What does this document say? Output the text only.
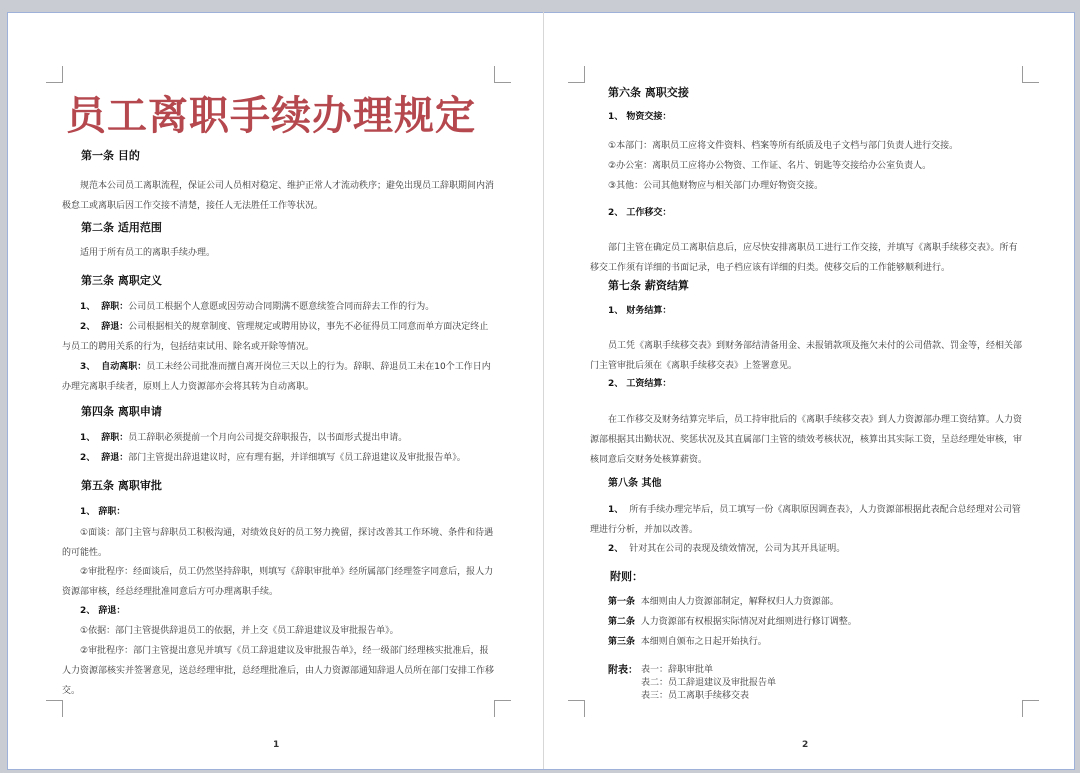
员工离职手续办理规定
第一条 目的
规范本公司员工离职流程，保证公司人员相对稳定、维护正常人才流动秩序；避免出现员工辞职期间内消极怠工或离职后因工作交接不清楚，接任人无法胜任工作等状况。
第二条 适用范围
适用于所有员工的离职手续办理。
第三条 离职定义
1、 辞职：公司员工根据个人意愿或因劳动合同期满不愿意续签合同而辞去工作的行为。
2、 辞退：公司根据相关的规章制度、管理规定或聘用协议，事先不必征得员工同意而单方面决定终止与员工的聘用关系的行为，包括结束试用、除名或开除等情况。
3、 自动离职：员工未经公司批准而擅自离开岗位三天以上的行为。辞职、辞退员工未在10个工作日内办理完离职手续者，原则上人力资源部亦会将其转为自动离职。
第四条 离职申请
1、 辞职：员工辞职必须提前一个月向公司提交辞职报告，以书面形式提出申请。
2、 辞退：部门主管提出辞退建议时，应有理有据，并详细填写《员工辞退建议及审批报告单》。
第五条 离职审批
1、 辞职：
①面谈：部门主管与辞职员工积极沟通，对绩效良好的员工努力挽留，探讨改善其工作环境、条件和待遇的可能性。
②审批程序：经面谈后，员工仍然坚持辞职，则填写《辞职审批单》经所属部门经理签字同意后，报人力资源部审核，经总经理批准同意后方可办理离职手续。
2、 辞退：
①依据：部门主管提供辞退员工的依据，并上交《员工辞退建议及审批报告单》。
②审批程序：部门主管提出意见并填写《员工辞退建议及审批报告单》，经一级部门经理核实批准后，报人力资源部核实并签署意见，送总经理审批，总经理批准后，由人力资源部通知辞退人员所在部门安排工作移交。
1
第六条 离职交接
1、 物资交接：
①本部门：离职员工应将文件资料、档案等所有纸质及电子文档与部门负责人进行交接。
②办公室：离职员工应将办公物资、工作证、名片、钥匙等交接给办公室负责人。
③其他：公司其他财物应与相关部门办理好物资交接。
2、 工作移交：
部门主管在确定员工离职信息后，应尽快安排离职员工进行工作交接，并填写《离职手续移交表》。所有移交工作须有详细的书面记录，电子档应该有详细的归类。使移交后的工作能够顺利进行。
第七条 薪资结算
1、 财务结算：
员工凭《离职手续移交表》到财务部结清备用金、未报销款项及拖欠未付的公司借款、罚金等，经相关部门主管审批后须在《离职手续移交表》上签署意见。
2、 工资结算：
在工作移交及财务结算完毕后，员工持审批后的《离职手续移交表》到人力资源部办理工资结算。人力资源部根据其出勤状况、奖惩状况及其直属部门主管的绩效考核状况，核算出其实际工资，呈总经理处审核，审核同意后交财务处核算薪资。
第八条 其他
1、 所有手续办理完毕后，员工填写一份《离职原因调查表》，人力资源部根据此表配合总经理对公司管理进行分析，并加以改善。
2、 针对其在公司的表现及绩效情况，公司为其开具证明。
附则：
第一条 本细则由人力资源部制定，解释权归人力资源部。
第二条 人力资源部有权根据实际情况对此细则进行修订调整。
第三条 本细则自颁布之日起开始执行。
附表： 表一：辞职审批单
表二：员工辞退建议及审批报告单
表三：员工离职手续移交表
2
